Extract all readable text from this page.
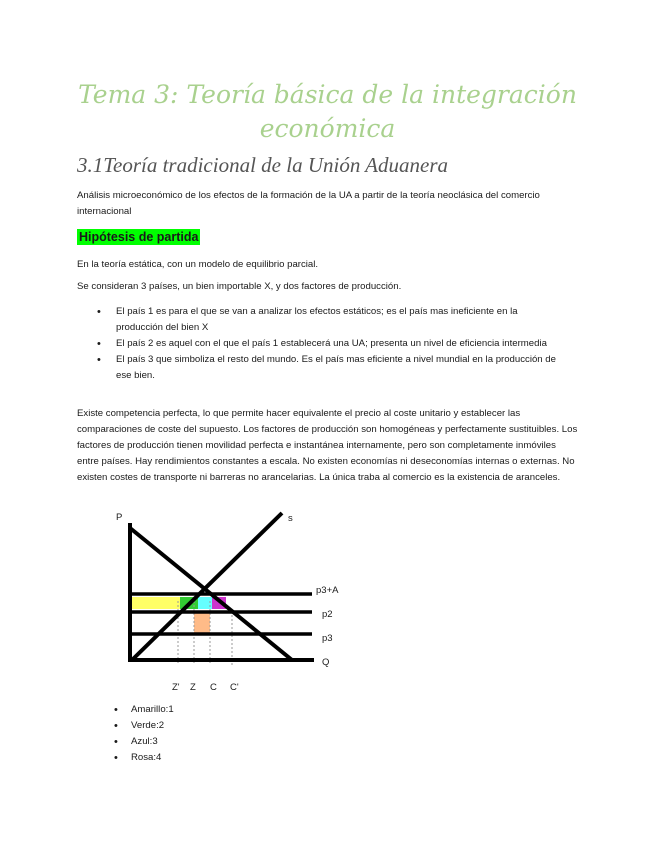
Tema 3: Teoría básica de la integración económica
3.1Teoría tradicional de la Unión Aduanera

Análisis microeconómico de los efectos de la formación de la UA a partir de la teoría neoclásica del comercio internacional

Hipótesis de partida

En la teoría estática, con un modelo de equilibrio parcial.

Se consideran 3 países, un bien importable X, y dos factores de producción.

• El país 1 es para el que se van a analizar los efectos estáticos; es el país mas ineficiente en la producción del bien X
• El país 2 es aquel con el que el país 1 establecerá una UA; presenta un nivel de eficiencia intermedia
• El país 3 que simboliza el resto del mundo. Es el país mas eficiente a nivel mundial en la producción de ese bien.

Existe competencia perfecta, lo que permite hacer equivalente el precio al coste unitario y establecer las comparaciones de coste del supuesto. Los factores de producción son homogéneas y perfectamente sustituibles. Los factores de producción tienen movilidad perfecta e instantánea internamente, pero son completamente inmóviles entre países. Hay rendimientos constantes a escala. No existen economías ni deseconomías internas o externas. No existen costes de transporte ni barreras no arancelarias. La única traba al comercio es la existencia de aranceles.

P	s
p3+A
p2
p3
Q
Z' Z C C'
• Amarillo:1
• Verde:2
• Azul:3
• Rosa:4
